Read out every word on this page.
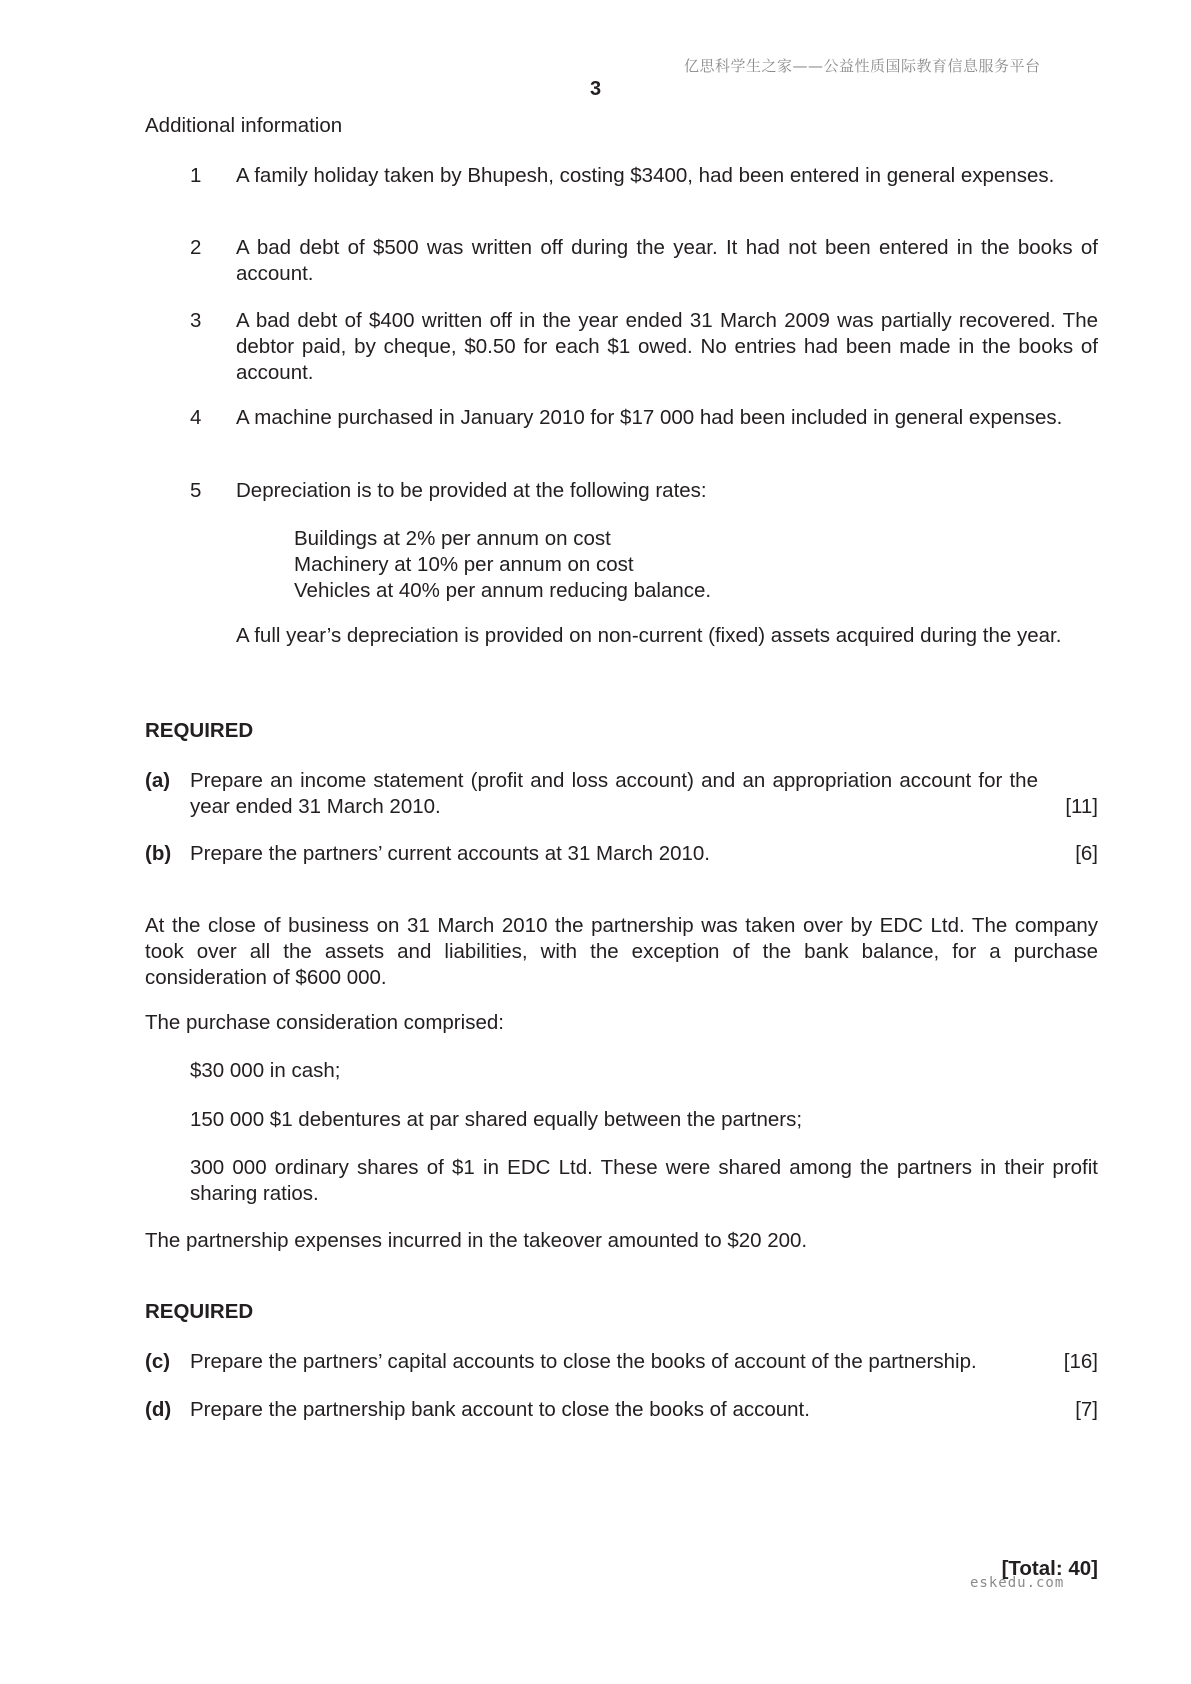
亿思科学生之家——公益性质国际教育信息服务平台
3
Additional information
1 A family holiday taken by Bhupesh, costing $3400, had been entered in general expenses.
2 A bad debt of $500 was written off during the year. It had not been entered in the books of account.
3 A bad debt of $400 written off in the year ended 31 March 2009 was partially recovered. The debtor paid, by cheque, $0.50 for each $1 owed. No entries had been made in the books of account.
4 A machine purchased in January 2010 for $17 000 had been included in general expenses.
5 Depreciation is to be provided at the following rates:
Buildings at 2% per annum on cost
Machinery at 10% per annum on cost
Vehicles at 40% per annum reducing balance.
A full year’s depreciation is provided on non-current (fixed) assets acquired during the year.
REQUIRED
(a) Prepare an income statement (profit and loss account) and an appropriation account for the year ended 31 March 2010.	[11]
(b) Prepare the partners’ current accounts at 31 March 2010.	[6]
At the close of business on 31 March 2010 the partnership was taken over by EDC Ltd. The company took over all the assets and liabilities, with the exception of the bank balance, for a purchase consideration of $600 000.
The purchase consideration comprised:
$30 000 in cash;
150 000 $1 debentures at par shared equally between the partners;
300 000 ordinary shares of $1 in EDC Ltd. These were shared among the partners in their profit sharing ratios.
The partnership expenses incurred in the takeover amounted to $20 200.
REQUIRED
(c) Prepare the partners’ capital accounts to close the books of account of the partnership.	[16]
(d) Prepare the partnership bank account to close the books of account.	[7]
[Total: 40]
eskedu.com
